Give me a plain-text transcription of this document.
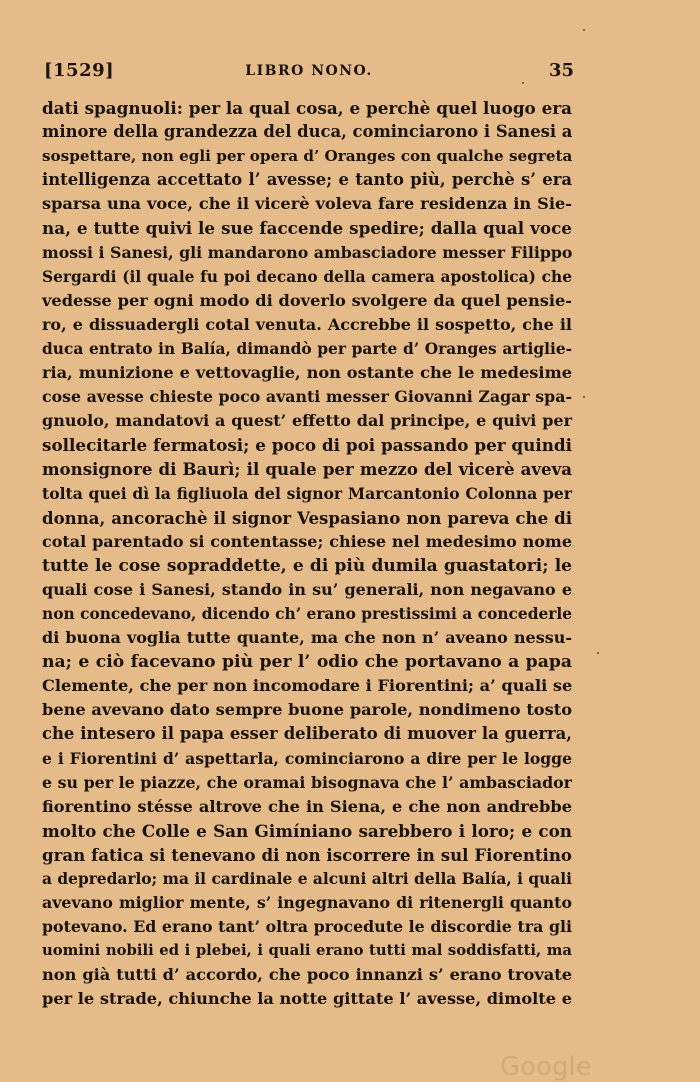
[1529]	LIBRO NONO.	35
dati spagnuoli: per la qual cosa, e perchè quel luogo era
minore della grandezza del duca, cominciarono i Sanesi a
sospettare, non egli per opera d’ Oranges con qualche segreta
intelligenza accettato l’ avesse; e tanto più, perchè s’ era
sparsa una voce, che il vicerè voleva fare residenza in Sie-
na, e tutte quivi le sue faccende spedire; dalla qual voce
mossi i Sanesi, gli mandarono ambasciadore messer Filippo
Sergardi (il quale fu poi decano della camera apostolica) che
vedesse per ogni modo di doverlo svolgere da quel pensie-
ro, e dissuadergli cotal venuta. Accrebbe il sospetto, che il
duca entrato in Balía, dimandò per parte d’ Oranges artiglie-
ria, munizione e vettovaglie, non ostante che le medesime
cose avesse chieste poco avanti messer Giovanni Zagar spa-
gnuolo, mandatovi a quest’ effetto dal principe, e quivi per
sollecitarle fermatosi; e poco di poi passando per quindi
monsignore di Baurì; il quale per mezzo del vicerè aveva
tolta quei dì la figliuola del signor Marcantonio Colonna per
donna, ancorachè il signor Vespasiano non pareva che di
cotal parentado si contentasse; chiese nel medesimo nome
tutte le cose sopraddette, e di più dumila guastatori; le
quali cose i Sanesi, stando in su’ generali, non negavano e
non concedevano, dicendo ch’ erano prestissimi a concederle
di buona voglia tutte quante, ma che non n’ aveano nessu-
na; e ciò facevano più per l’ odio che portavano a papa
Clemente, che per non incomodare i Fiorentini; a’ quali se
bene avevano dato sempre buone parole, nondimeno tosto
che intesero il papa esser deliberato di muover la guerra,
e i Fiorentini d’ aspettarla, cominciarono a dire per le logge
e su per le piazze, che oramai bisognava che l’ ambasciador
fiorentino stésse altrove che in Siena, e che non andrebbe
molto che Colle e San Gimíniano sarebbero i loro; e con
gran fatica si tenevano di non iscorrere in sul Fiorentino
a depredarlo; ma il cardinale e alcuni altri della Balía, i quali
avevano miglior mente, s’ ingegnavano di ritenergli quanto
potevano. Ed erano tant’ oltra procedute le discordie tra gli
uomini nobili ed i plebei, i quali erano tutti mal soddisfatti, ma
non già tutti d’ accordo, che poco innanzi s’ erano trovate
per le strade, chiunche la notte gittate l’ avesse, dimolte e
Google
